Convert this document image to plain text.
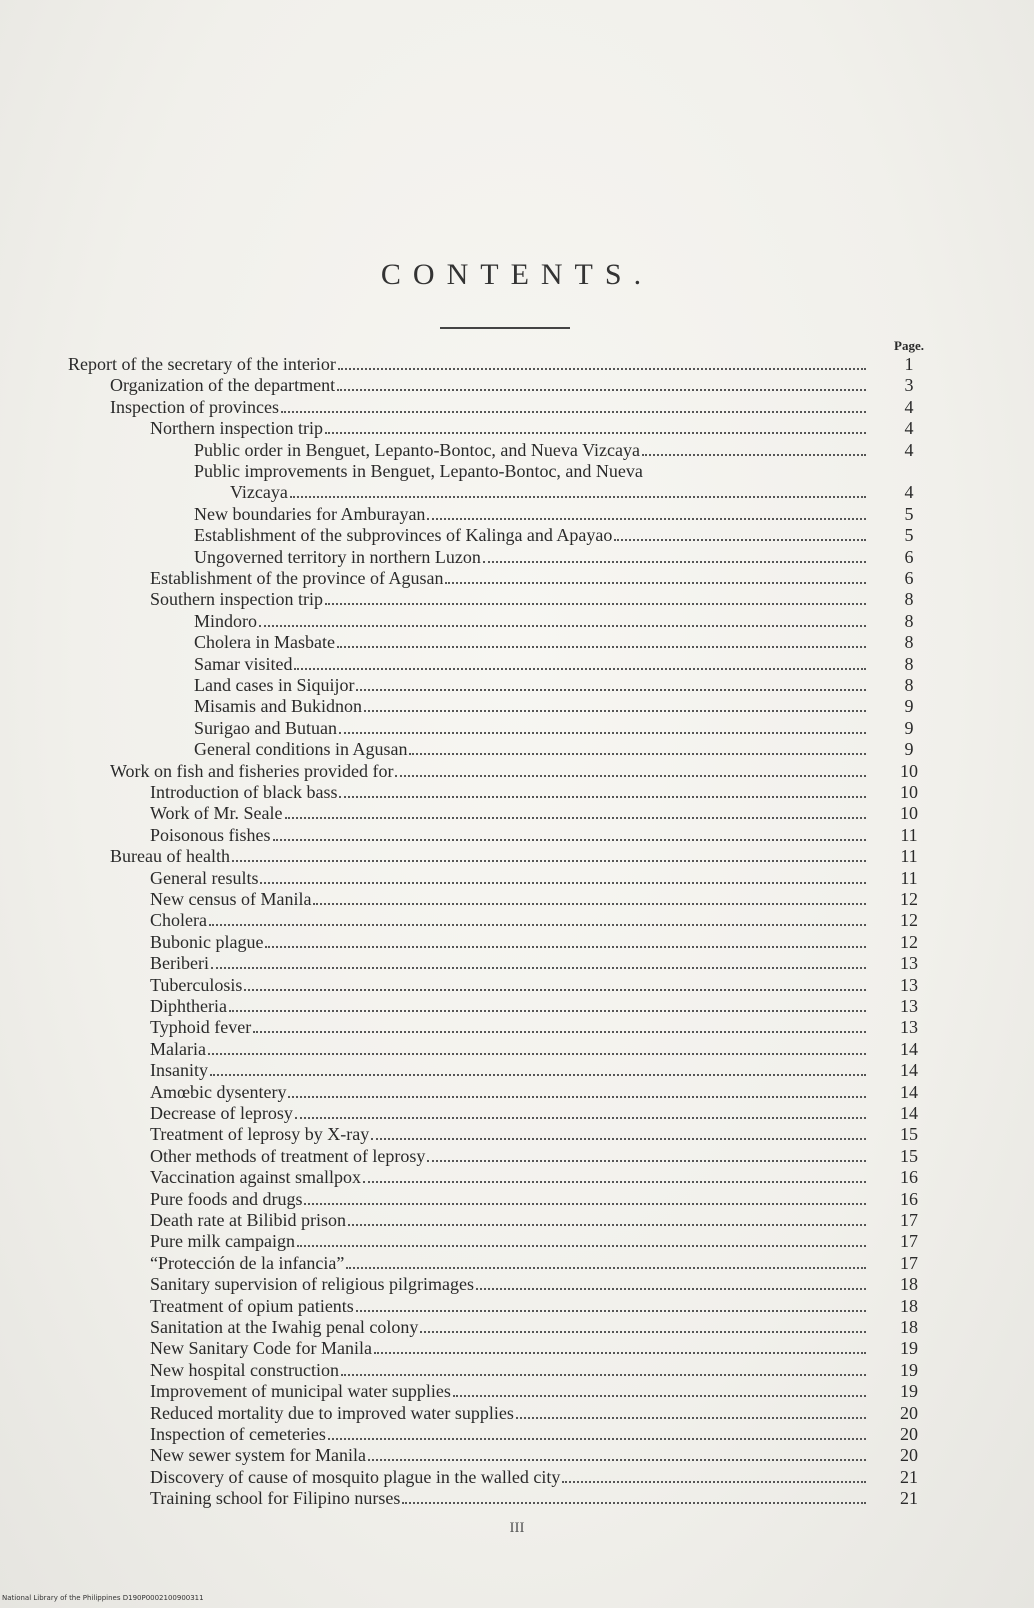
CONTENTS.
Page.
Report of the secretary of the interior	1
Organization of the department	3
Inspection of provinces	4
Northern inspection trip	4
Public order in Benguet, Lepanto-Bontoc, and Nueva Vizcaya	4
Public improvements in Benguet, Lepanto-Bontoc, and Nueva
Vizcaya	4
New boundaries for Amburayan	5
Establishment of the subprovinces of Kalinga and Apayao	5
Ungoverned territory in northern Luzon	6
Establishment of the province of Agusan	6
Southern inspection trip	8
Mindoro	8
Cholera in Masbate	8
Samar visited	8
Land cases in Siquijor	8
Misamis and Bukidnon	9
Surigao and Butuan	9
General conditions in Agusan	9
Work on fish and fisheries provided for	10
Introduction of black bass	10
Work of Mr. Seale	10
Poisonous fishes	11
Bureau of health	11
General results	11
New census of Manila	12
Cholera	12
Bubonic plague	12
Beriberi	13
Tuberculosis	13
Diphtheria	13
Typhoid fever	13
Malaria	14
Insanity	14
Amœbic dysentery	14
Decrease of leprosy	14
Treatment of leprosy by X-ray	15
Other methods of treatment of leprosy	15
Vaccination against smallpox	16
Pure foods and drugs	16
Death rate at Bilibid prison	17
Pure milk campaign	17
“Protección de la infancia”	17
Sanitary supervision of religious pilgrimages	18
Treatment of opium patients	18
Sanitation at the Iwahig penal colony	18
New Sanitary Code for Manila	19
New hospital construction	19
Improvement of municipal water supplies	19
Reduced mortality due to improved water supplies	20
Inspection of cemeteries	20
New sewer system for Manila	20
Discovery of cause of mosquito plague in the walled city	21
Training school for Filipino nurses	21
III
National Library of the Philippines D190P0002100900311
